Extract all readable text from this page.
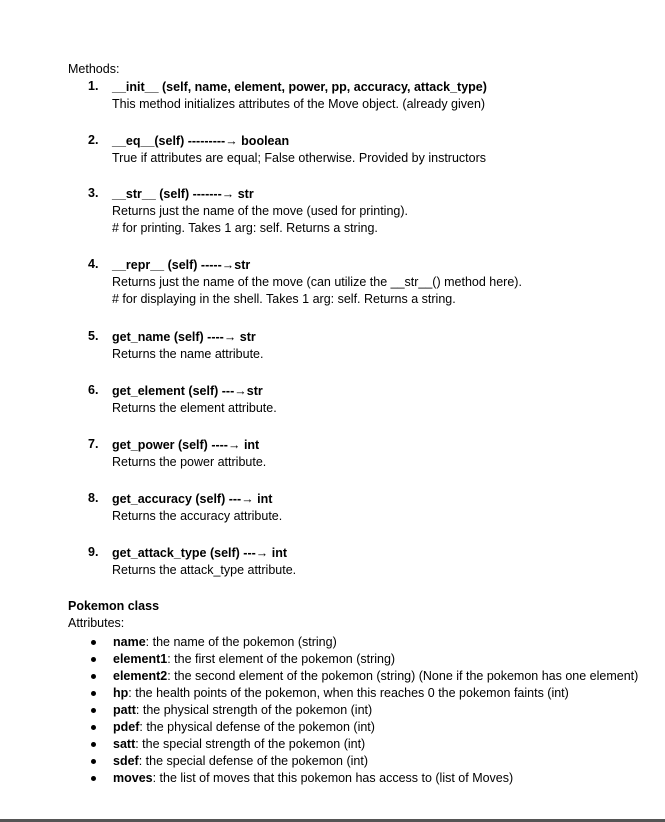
Methods:
1. __init__ (self, name, element, power, pp, accuracy, attack_type)
This method initializes attributes of the Move object. (already given)
2. __eq__(self) ---------→ boolean
True if attributes are equal; False otherwise. Provided by instructors
3. __str__ (self) -------→ str
Returns just the name of the move (used for printing).
# for printing. Takes 1 arg: self. Returns a string.
4. __repr__ (self) -----→str
Returns just the name of the move (can utilize the __str__() method here).
# for displaying in the shell. Takes 1 arg: self. Returns a string.
5. get_name (self) ----→ str
Returns the name attribute.
6. get_element (self) ---→str
Returns the element attribute.
7. get_power (self) ----→ int
Returns the power attribute.
8. get_accuracy (self) ---→ int
Returns the accuracy attribute.
9. get_attack_type (self) ---→ int
Returns the attack_type attribute.
Pokemon class
Attributes:
name: the name of the pokemon (string)
element1: the first element of the pokemon (string)
element2: the second element of the pokemon (string) (None if the pokemon has one element)
hp: the health points of the pokemon, when this reaches 0 the pokemon faints (int)
patt: the physical strength of the pokemon (int)
pdef: the physical defense of the pokemon (int)
satt: the special strength of the pokemon (int)
sdef: the special defense of the pokemon (int)
moves: the list of moves that this pokemon has access to (list of Moves)
